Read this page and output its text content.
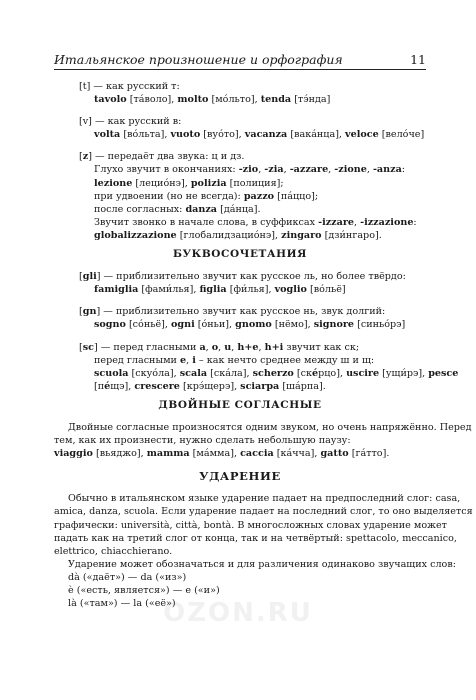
Итальянское произношение и орфография	11
[t] — как русский т:
tavolo [тáволо], molto [мóльто], tenda [тэ́нда]
[v] — как русский в:
volta [вóльта], vuoto [вуóто], vacanza [вакáнца], veloce [велóче]
[z] — передаёт два звука: ц и дз.
Глухо звучит в окончаниях: -zio, -zia, -azzare, -zione, -anza:
lezione [лециóнэ], polizia [полиция];
при удвоении (но не всегда): pazzo [пáццо];
после согласных: danza [дáнца].
Звучит звонко в начале слова, в суффиксах -izzare, -izzazione:
globalizzazione [глобалидзациóнэ], zingaro [дзи́нгаро].
БУКВОСОЧЕТАНИЯ
[gli] — приблизительно звучит как русское ль, но более твёрдо:
famiglia [фами́лья], figlia [фи́лья], voglio [вóльё]
[gn] — приблизительно звучит как русское нь, звук долгий:
sogno [сóньё], ogni [óньи], gnomo [нёмо], signore [синьóрэ]
[sc] — перед гласными a, o, u, h+e, h+i звучит как ск;
перед гласными e, i – как нечто среднее между ш и щ:
scuola [скуóла], scala [скáла], scherzo [скéрцо], uscire [ущи́рэ], pesce
[пéщэ], crescere [крэ́щерэ], sciarpa [шáрпа].
ДВОЙНЫЕ СОГЛАСНЫЕ
Двойные согласные произносятся одним звуком, но очень напряжённо. Перед
тем, как их произнести, нужно сделать небольшую паузу:
viaggio [вьяджо], mamma [мáмма], caccia [кáчча], gatto [гáтто].
УДАРЕНИЕ
Обычно в итальянском языке ударение падает на предпоследний слог: casa,
amica, danza, scuola. Если ударение падает на последний слог, то оно выделяется
графически: università, città, bontà. В многосложных словах ударение может
падать как на третий слог от конца, так и на четвёртый: spettacolo, meccanico,
elettrico, chiacchierano.
Ударение может обозначаться и для различения одинаково звучащих слов:
dà («даёт») — da («из»)
è («есть, является») — e («и»)
là («там») — la («её»)
OZON.RU
